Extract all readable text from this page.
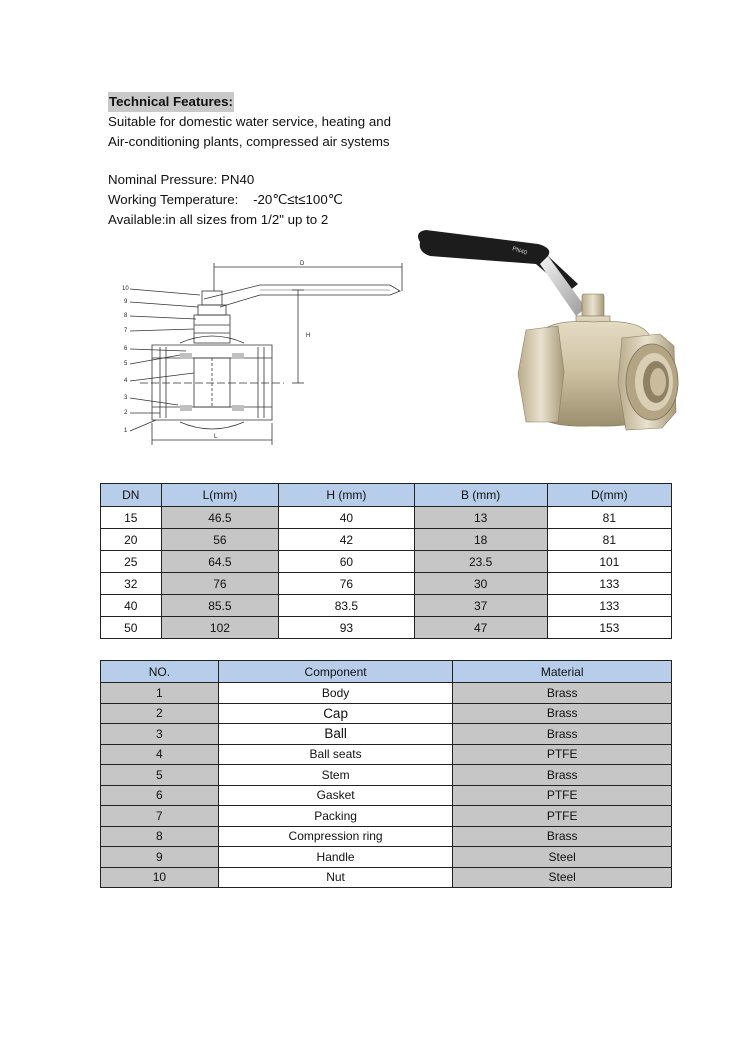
Technical Features:
Suitable for domestic water service, heating and
Air-conditioning plants, compressed air systems
Nominal Pressure: PN40
Working Temperature:    -20℃≤t≤100℃
Available:in all sizes from 1/2" up to 2
10
9
8
7
6
5
4
3
2
1
D
H
L
PN40
DN	L(mm)	H (mm)	B (mm)	D(mm)
15	46.5	40	13	81
20	56	42	18	81
25	64.5	60	23.5	101
32	76	76	30	133
40	85.5	83.5	37	133
50	102	93	47	153
NO.	Component	Material
1	Body	Brass
2	Cap	Brass
3	Ball	Brass
4	Ball seats	PTFE
5	Stem	Brass
6	Gasket	PTFE
7	Packing	PTFE
8	Compression ring	Brass
9	Handle	Steel
10	Nut	Steel
